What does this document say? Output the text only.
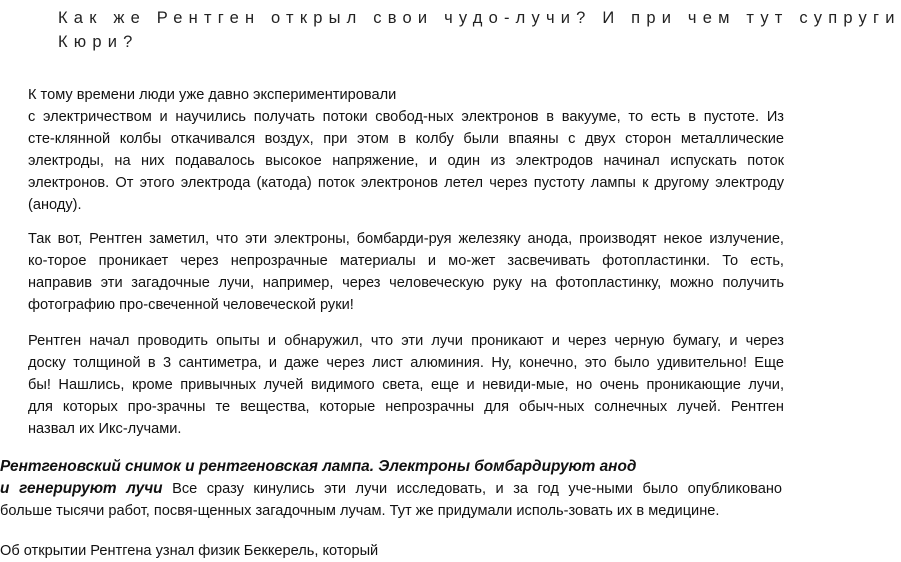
Как же Рентген открыл свои чудо-лучи? И при чем тут супруги
Кюри?

К тому времени люди уже давно экспериментировали
с электричеством и научились получать потоки свобод-ных электронов в вакууме, то есть в пустоте. Из
сте-клянной колбы откачивался воздух, при этом в колбу были впаяны с двух сторон металлические
электроды, на них подавалось высокое напряжение, и один из электродов начинал испускать поток
электронов. От этого электрода (катода) поток электронов летел через пустоту лампы к другому электроду
(аноду).

Так вот, Рентген заметил, что эти электроны, бомбарди-руя железяку анода, производят некое излучение,
ко-торое проникает через непрозрачные материалы и мо-жет засвечивать фотопластинки. То есть,
направив эти загадочные лучи, например, через человеческую руку на фотопластинку, можно получить
фотографию про-свеченной человеческой руки!

Рентген начал проводить опыты и обнаружил, что эти лучи проникают и через черную бумагу, и через
доску толщиной в 3 сантиметра, и даже через лист алюминия. Ну, конечно, это было удивительно! Еще
бы! Нашлись, кроме привычных лучей видимого света, еще и невиди-мые, но очень проникающие лучи,
для которых про-зрачны те вещества, которые непрозрачны для обыч-ных солнечных лучей. Рентген
назвал их Икс-лучами.

Рентгеновский снимок и рентгеновская лампа. Электроны бомбардируют анод
и генерируют лучи Все сразу кинулись эти лучи исследовать, и за год уче-ными было опубликовано
больше тысячи работ, посвя-щенных загадочным лучам. Тут же придумали исполь-зовать их в медицине.

Об открытии Рентгена узнал физик Беккерель, который
